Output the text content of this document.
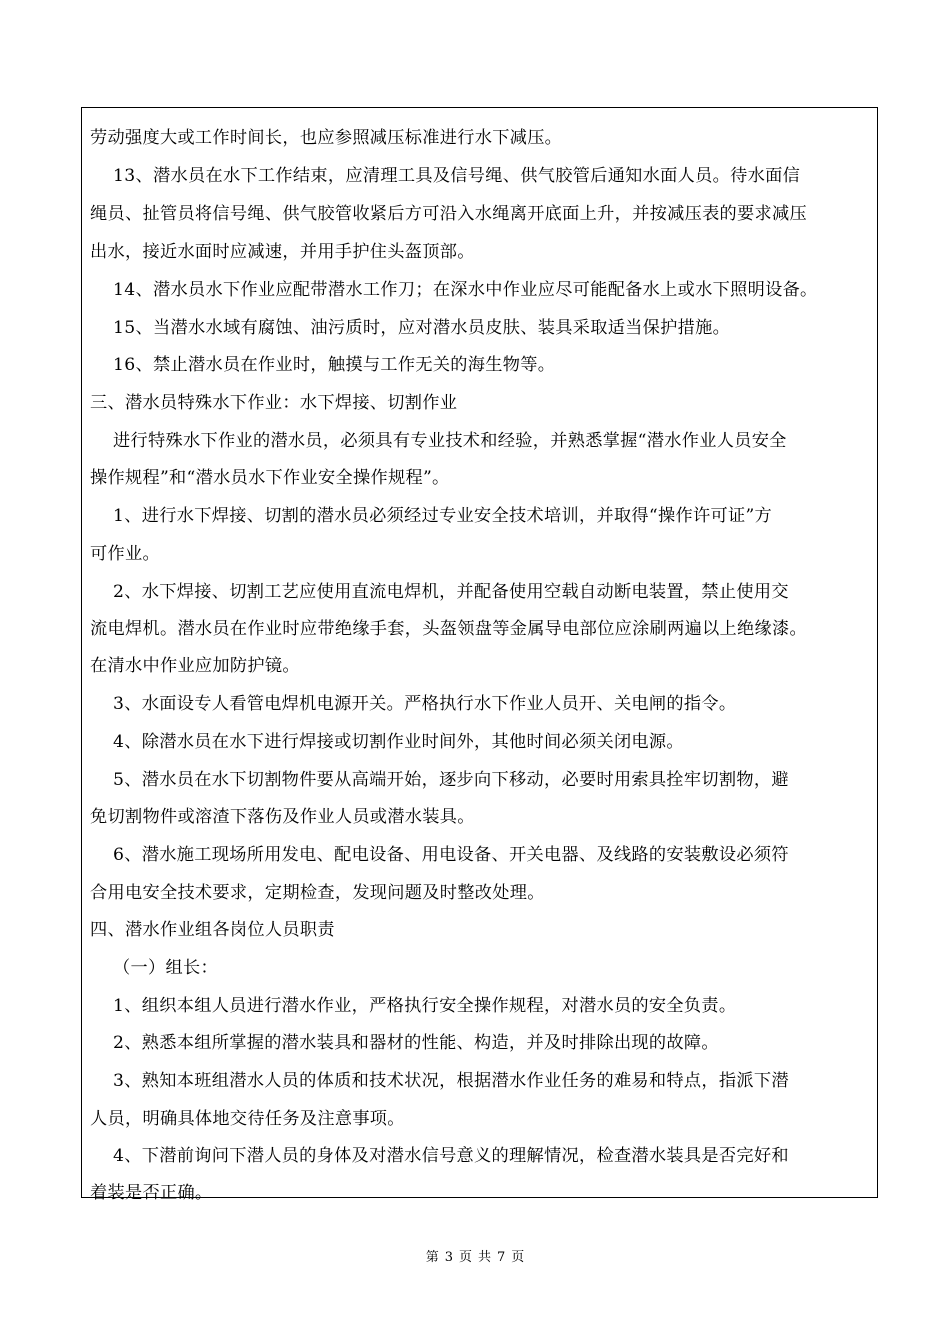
劳动强度大或工作时间长，也应参照减压标准进行水下减压。
13、潜水员在水下工作结束，应清理工具及信号绳、供气胶管后通知水面人员。待水面信
绳员、扯管员将信号绳、供气胶管收紧后方可沿入水绳离开底面上升，并按减压表的要求减压
出水，接近水面时应减速，并用手护住头盔顶部。
14、潜水员水下作业应配带潜水工作刀；在深水中作业应尽可能配备水上或水下照明设备。
15、当潜水水域有腐蚀、油污质时，应对潜水员皮肤、装具采取适当保护措施。
16、禁止潜水员在作业时，触摸与工作无关的海生物等。
三、潜水员特殊水下作业：水下焊接、切割作业
进行特殊水下作业的潜水员，必须具有专业技术和经验，并熟悉掌握“潜水作业人员安全
操作规程”和“潜水员水下作业安全操作规程”。
1、进行水下焊接、切割的潜水员必须经过专业安全技术培训，并取得“操作许可证”方
可作业。
2、水下焊接、切割工艺应使用直流电焊机，并配备使用空载自动断电装置，禁止使用交
流电焊机。潜水员在作业时应带绝缘手套，头盔领盘等金属导电部位应涂刷两遍以上绝缘漆。
在清水中作业应加防护镜。
3、水面设专人看管电焊机电源开关。严格执行水下作业人员开、关电闸的指令。
4、除潜水员在水下进行焊接或切割作业时间外，其他时间必须关闭电源。
5、潜水员在水下切割物件要从高端开始，逐步向下移动，必要时用索具拴牢切割物，避
免切割物件或溶渣下落伤及作业人员或潜水装具。
6、潜水施工现场所用发电、配电设备、用电设备、开关电器、及线路的安装敷设必须符
合用电安全技术要求，定期检查，发现问题及时整改处理。
四、潜水作业组各岗位人员职责
（一）组长：
1、组织本组人员进行潜水作业，严格执行安全操作规程，对潜水员的安全负责。
2、熟悉本组所掌握的潜水装具和器材的性能、构造，并及时排除出现的故障。
3、熟知本班组潜水人员的体质和技术状况，根据潜水作业任务的难易和特点，指派下潜
人员，明确具体地交待任务及注意事项。
4、下潜前询问下潜人员的身体及对潜水信号意义的理解情况，检查潜水装具是否完好和
着装是否正确。
第 3 页 共 7 页
